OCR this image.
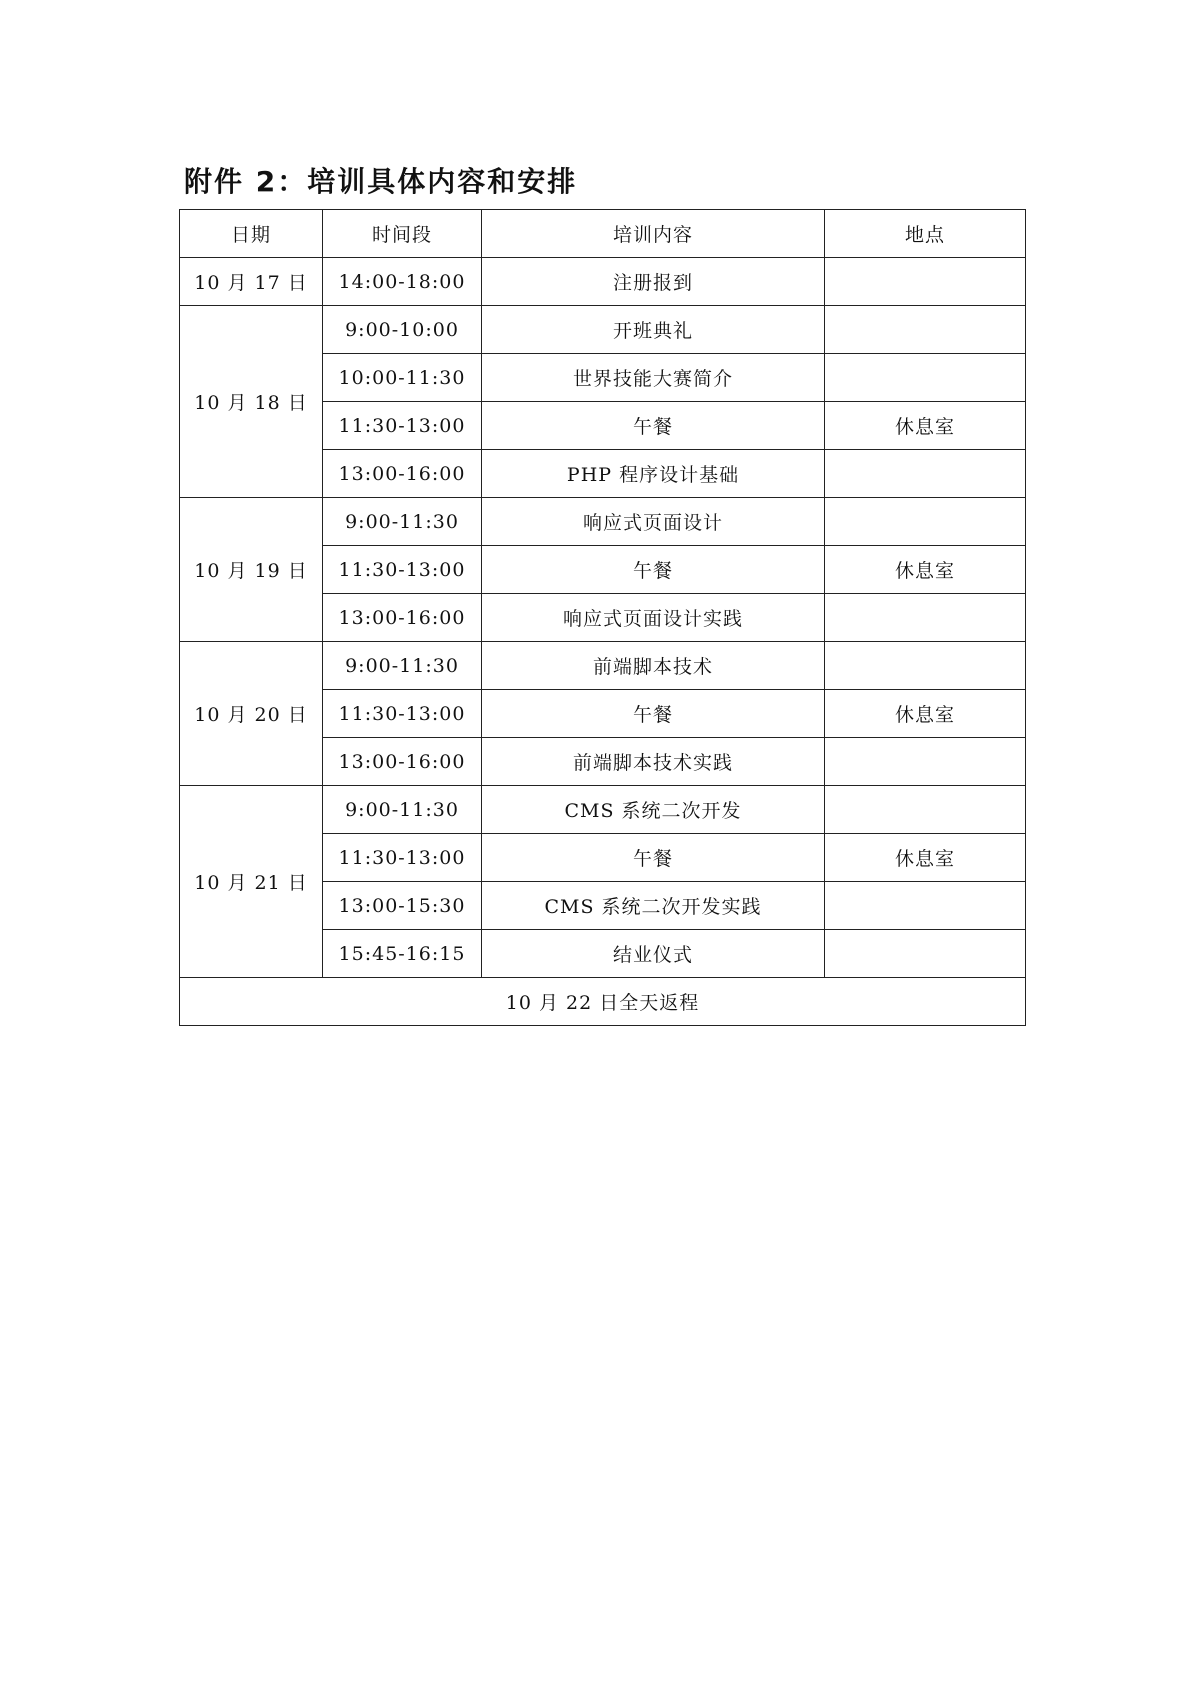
附件 2：培训具体内容和安排
日期	时间段	培训内容	地点
10 月 17 日	14:00-18:00	注册报到	
10 月 18 日	9:00-10:00	开班典礼	
	10:00-11:30	世界技能大赛简介	
	11:30-13:00	午餐	休息室
	13:00-16:00	PHP 程序设计基础	
10 月 19 日	9:00-11:30	响应式页面设计	
	11:30-13:00	午餐	休息室
	13:00-16:00	响应式页面设计实践	
10 月 20 日	9:00-11:30	前端脚本技术	
	11:30-13:00	午餐	休息室
	13:00-16:00	前端脚本技术实践	
10 月 21 日	9:00-11:30	CMS 系统二次开发	
	11:30-13:00	午餐	休息室
	13:00-15:30	CMS 系统二次开发实践	
	15:45-16:15	结业仪式	
10 月 22 日全天返程			
